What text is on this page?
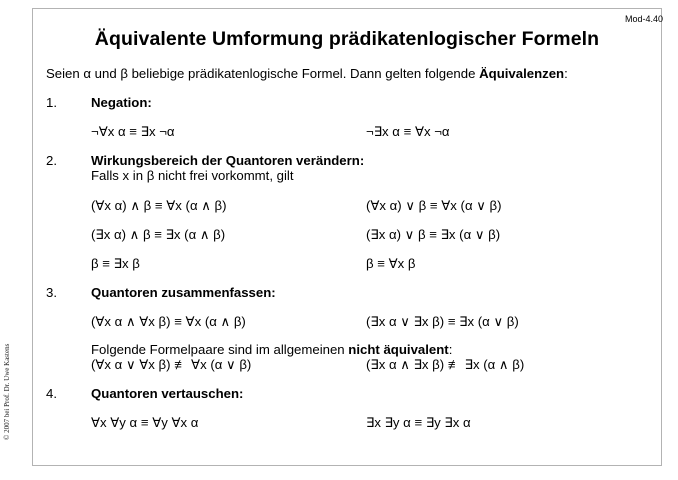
Mod-4.40
Äquivalente Umformung prädikatenlogischer Formeln
Seien α und β beliebige prädikatenlogische Formel. Dann gelten folgende Äquivalenzen:
1.	Negation:
¬∀x α ≡ ∃x ¬α	¬∃x α ≡ ∀x ¬α
2.	Wirkungsbereich der Quantoren verändern:
Falls x in β nicht frei vorkommt, gilt
(∀x α) ∧ β ≡ ∀x (α ∧ β)	(∀x α) ∨ β ≡ ∀x (α ∨ β)
(∃x α) ∧ β ≡ ∃x (α ∧ β)	(∃x α) ∨ β ≡ ∃x (α ∨ β)
β ≡ ∃x β	β ≡ ∀x β
3.	Quantoren zusammenfassen:
(∀x α ∧ ∀x β) ≡ ∀x (α ∧ β)	(∃x α ∨ ∃x β) ≡ ∃x (α ∨ β)
Folgende Formelpaare sind im allgemeinen nicht äquivalent:
(∀x α ∨ ∀x β) ≢ ∀x (α ∨ β)	(∃x α ∧ ∃x β) ≢ ∃x (α ∧ β)
4.	Quantoren vertauschen:
∀x ∀y α ≡ ∀y ∀x α	∃x ∃y α ≡ ∃y ∃x α
© 2007 bei Prof. Dr. Uwe Kastens
